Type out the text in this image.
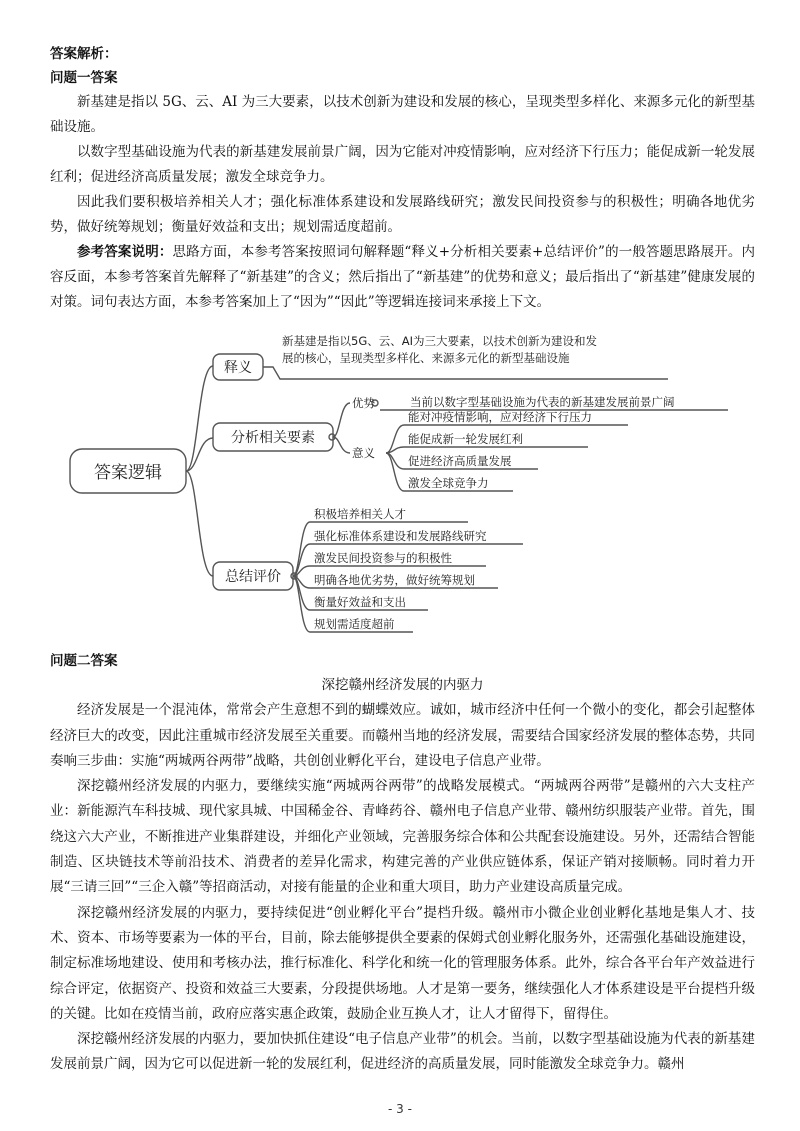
答案解析：
问题一答案

新基建是指以 5G、云、AI 为三大要素，以技术创新为建设和发展的核心，呈现类型多样化、来源多元化的新型基础设施。

以数字型基础设施为代表的新基建发展前景广阔，因为它能对冲疫情影响，应对经济下行压力；能促成新一轮发展红利；促进经济高质量发展；激发全球竞争力。

因此我们要积极培养相关人才；强化标准体系建设和发展路线研究；激发民间投资参与的积极性；明确各地优劣势，做好统筹规划；衡量好效益和支出；规划需适度超前。

参考答案说明：思路方面，本参考答案按照词句解释题“释义+分析相关要素+总结评价”的一般答题思路展开。内容反面，本参考答案首先解释了“新基建”的含义；然后指出了“新基建”的优势和意义；最后指出了“新基建”健康发展的对策。词句表达方面，本参考答案加上了“因为”“因此”等逻辑连接词来承接上下文。

答案逻辑
释义
新基建是指以5G、云、AI为三大要素，以技术创新为建设和发
展的核心，呈现类型多样化、来源多元化的新型基础设施
分析相关要素
优势	当前以数字型基础设施为代表的新基建发展前景广阔
意义
能对冲疫情影响，应对经济下行压力
能促成新一轮发展红利
促进经济高质量发展
激发全球竞争力
总结评价
积极培养相关人才
强化标准体系建设和发展路线研究
激发民间投资参与的积极性
明确各地优劣势，做好统筹规划
衡量好效益和支出
规划需适度超前
问题二答案

深挖赣州经济发展的内驱力

经济发展是一个混沌体，常常会产生意想不到的蝴蝶效应。诚如，城市经济中任何一个微小的变化，都会引起整体经济巨大的改变，因此注重城市经济发展至关重要。而赣州当地的经济发展，需要结合国家经济发展的整体态势，共同奏响三步曲：实施“两城两谷两带”战略，共创创业孵化平台，建设电子信息产业带。

深挖赣州经济发展的内驱力，要继续实施“两城两谷两带”的战略发展模式。“两城两谷两带”是赣州的六大支柱产业：新能源汽车科技城、现代家具城、中国稀金谷、青峰药谷、赣州电子信息产业带、赣州纺织服装产业带。首先，围绕这六大产业，不断推进产业集群建设，并细化产业领域，完善服务综合体和公共配套设施建设。另外，还需结合智能制造、区块链技术等前沿技术、消费者的差异化需求，构建完善的产业供应链体系，保证产销对接顺畅。同时着力开展“三请三回”“三企入赣”等招商活动，对接有能量的企业和重大项目，助力产业建设高质量完成。

深挖赣州经济发展的内驱力，要持续促进“创业孵化平台”提档升级。赣州市小微企业创业孵化基地是集人才、技术、资本、市场等要素为一体的平台，目前，除去能够提供全要素的保姆式创业孵化服务外，还需强化基础设施建设，制定标准场地建设、使用和考核办法，推行标准化、科学化和统一化的管理服务体系。此外，综合各平台年产效益进行综合评定，依据资产、投资和效益三大要素，分段提供场地。人才是第一要务，继续强化人才体系建设是平台提档升级的关键。比如在疫情当前，政府应落实惠企政策，鼓励企业互换人才，让人才留得下，留得住。

深挖赣州经济发展的内驱力，要加快抓住建设“电子信息产业带”的机会。当前，以数字型基础设施为代表的新基建发展前景广阔，因为它可以促进新一轮的发展红利，促进经济的高质量发展，同时能激发全球竞争力。赣州

- 3 -
